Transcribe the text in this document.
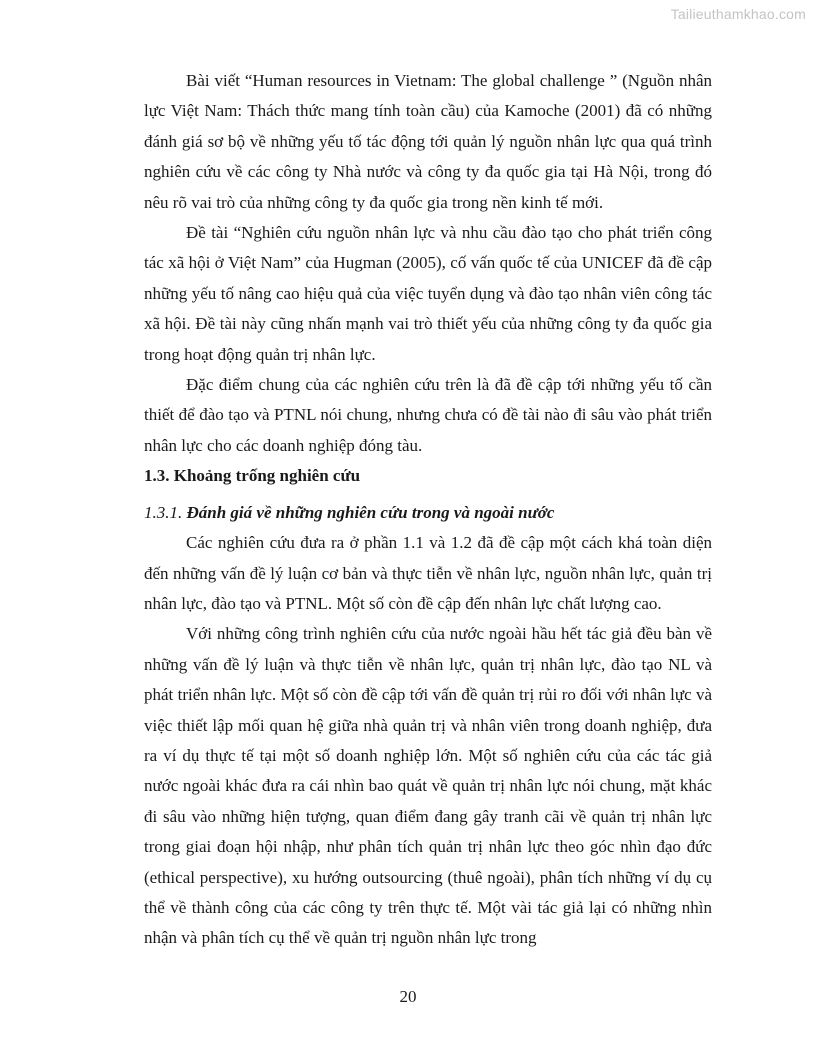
Tailieuthamkhao.com

Bài viết “Human resources in Vietnam: The global challenge ” (Nguồn nhân lực Việt Nam: Thách thức mang tính toàn cầu) của Kamoche (2001) đã có những đánh giá sơ bộ về những yếu tố tác động tới quản lý nguồn nhân lực qua quá trình nghiên cứu về các công ty Nhà nước và công ty đa quốc gia tại Hà Nội, trong đó nêu rõ vai trò của những công ty đa quốc gia trong nền kinh tế mới.

Đề tài “Nghiên cứu nguồn nhân lực và nhu cầu đào tạo cho phát triển công tác xã hội ở Việt Nam” của Hugman (2005), cố vấn quốc tế của UNICEF đã đề cập những yếu tố nâng cao hiệu quả của việc tuyển dụng và đào tạo nhân viên công tác xã hội. Đề tài này cũng nhấn mạnh vai trò thiết yếu của những công ty đa quốc gia trong hoạt động quản trị nhân lực.

Đặc điểm chung của các nghiên cứu trên là đã đề cập tới những yếu tố cần thiết để đào tạo và PTNL nói chung, nhưng chưa có đề tài nào đi sâu vào phát triển nhân lực cho các doanh nghiệp đóng tàu.

1.3. Khoảng trống nghiên cứu
1.3.1. Đánh giá về những nghiên cứu trong và ngoài nước

Các nghiên cứu đưa ra ở phần 1.1 và 1.2 đã đề cập một cách khá toàn diện đến những vấn đề lý luận cơ bản và thực tiễn về nhân lực, nguồn nhân lực, quản trị nhân lực, đào tạo và PTNL. Một số còn đề cập đến nhân lực chất lượng cao.

Với những công trình nghiên cứu của nước ngoài hầu hết tác giả đều bàn về những vấn đề lý luận và thực tiễn về nhân lực, quản trị nhân lực, đào tạo NL và phát triển nhân lực. Một số còn đề cập tới vấn đề quản trị rủi ro đối với nhân lực và việc thiết lập mối quan hệ giữa nhà quản trị và nhân viên trong doanh nghiệp, đưa ra ví dụ thực tế tại một số doanh nghiệp lớn. Một số nghiên cứu của các tác giả nước ngoài khác đưa ra cái nhìn bao quát về quản trị nhân lực nói chung, mặt khác đi sâu vào những hiện tượng, quan điểm đang gây tranh cãi về quản trị nhân lực trong giai đoạn hội nhập, như phân tích quản trị nhân lực theo góc nhìn đạo đức (ethical perspective), xu hướng outsourcing (thuê ngoài), phân tích những ví dụ cụ thể về thành công của các công ty trên thực tế. Một vài tác giả lại có những nhìn nhận và phân tích cụ thể về quản trị nguồn nhân lực trong

20
